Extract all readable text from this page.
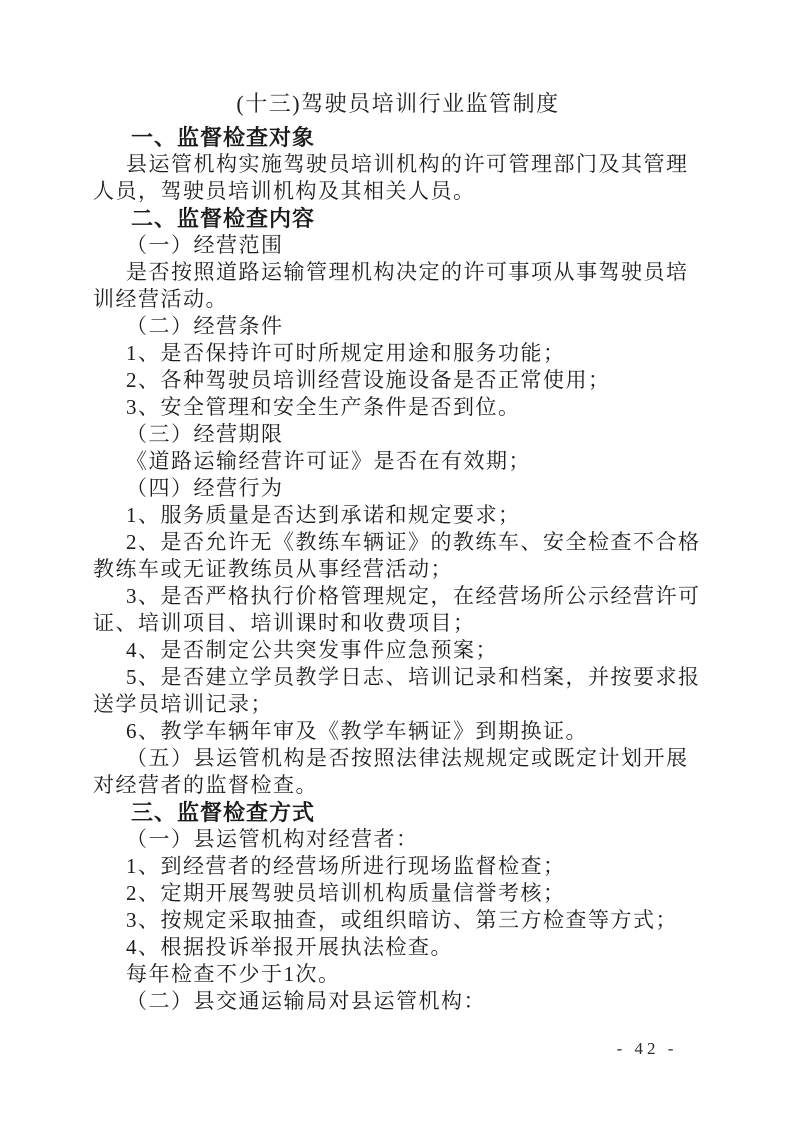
(十三)驾驶员培训行业监管制度
一、监督检查对象
县运管机构实施驾驶员培训机构的许可管理部门及其管理
人员，驾驶员培训机构及其相关人员。
二、监督检查内容
（一）经营范围
是否按照道路运输管理机构决定的许可事项从事驾驶员培
训经营活动。
（二）经营条件
1、是否保持许可时所规定用途和服务功能；
2、各种驾驶员培训经营设施设备是否正常使用；
3、安全管理和安全生产条件是否到位。
（三）经营期限
《道路运输经营许可证》是否在有效期；
（四）经营行为
1、服务质量是否达到承诺和规定要求；
2、是否允许无《教练车辆证》的教练车、安全检查不合格
教练车或无证教练员从事经营活动；
3、是否严格执行价格管理规定，在经营场所公示经营许可
证、培训项目、培训课时和收费项目；
4、是否制定公共突发事件应急预案；
5、是否建立学员教学日志、培训记录和档案，并按要求报
送学员培训记录；
6、教学车辆年审及《教学车辆证》到期换证。
（五）县运管机构是否按照法律法规规定或既定计划开展
对经营者的监督检查。
三、监督检查方式
（一）县运管机构对经营者：
1、到经营者的经营场所进行现场监督检查；
2、定期开展驾驶员培训机构质量信誉考核；
3、按规定采取抽查，或组织暗访、第三方检查等方式；
4、根据投诉举报开展执法检查。
每年检查不少于1次。
（二）县交通运输局对县运管机构：
- 42 -
